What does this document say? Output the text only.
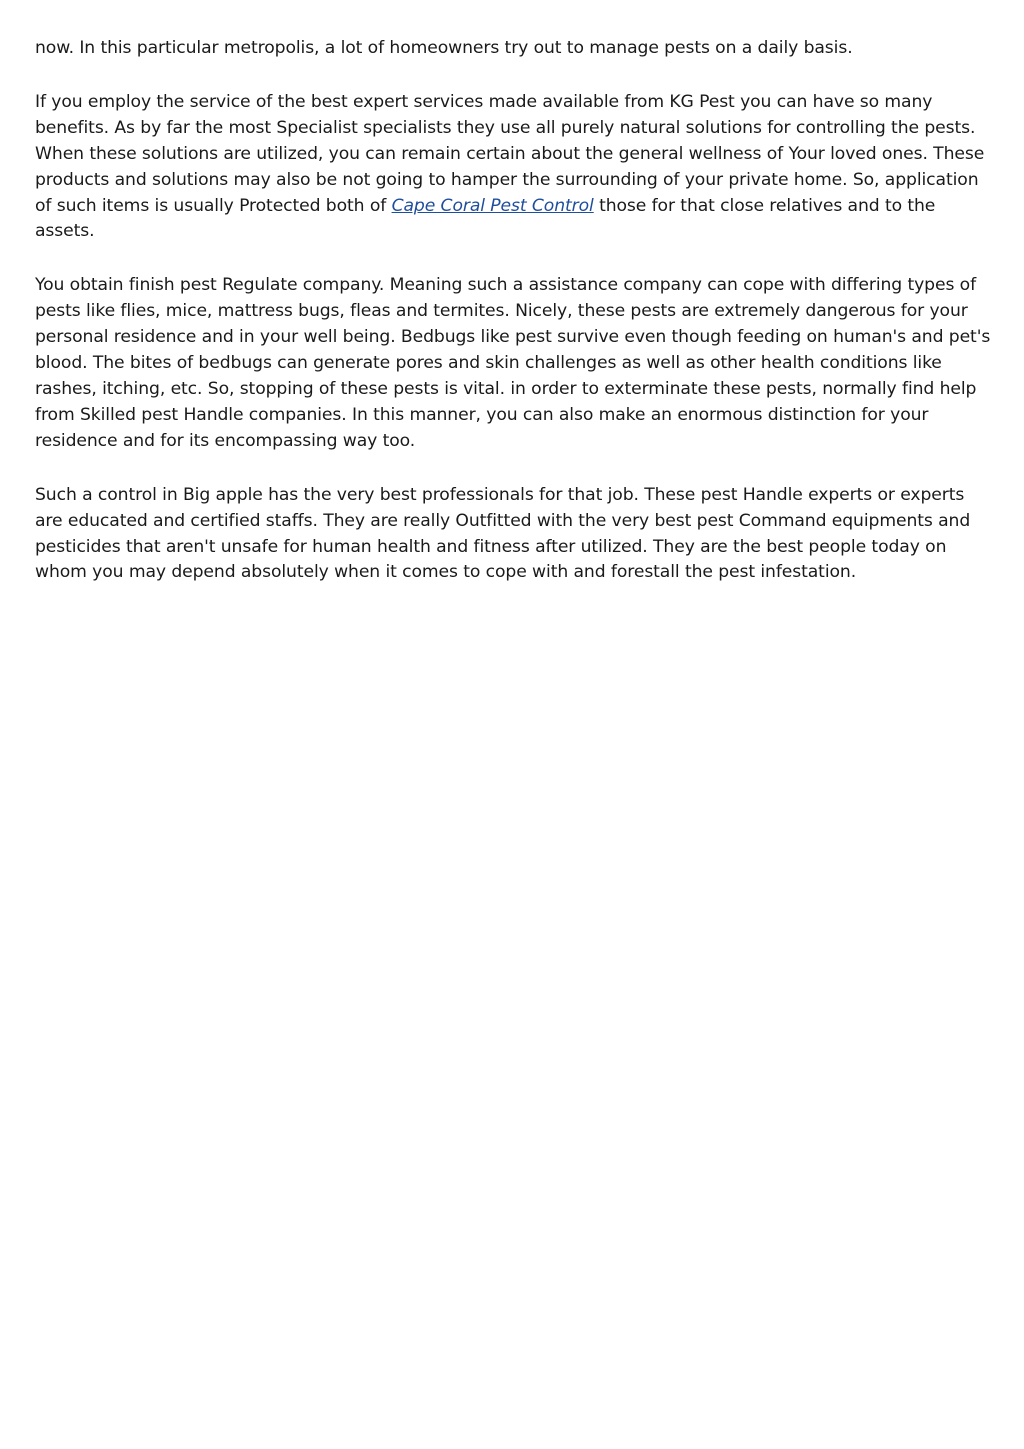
now. In this particular metropolis, a lot of homeowners try out to manage pests on a daily basis.

If you employ the service of the best expert services made available from KG Pest you can have so many benefits. As by far the most Specialist specialists they use all purely natural solutions for controlling the pests. When these solutions are utilized, you can remain certain about the general wellness of Your loved ones. These products and solutions may also be not going to hamper the surrounding of your private home. So, application of such items is usually Protected both of Cape Coral Pest Control those for that close relatives and to the assets.

You obtain finish pest Regulate company. Meaning such a assistance company can cope with differing types of pests like flies, mice, mattress bugs, fleas and termites. Nicely, these pests are extremely dangerous for your personal residence and in your well being. Bedbugs like pest survive even though feeding on human's and pet's blood. The bites of bedbugs can generate pores and skin challenges as well as other health conditions like rashes, itching, etc. So, stopping of these pests is vital. in order to exterminate these pests, normally find help from Skilled pest Handle companies. In this manner, you can also make an enormous distinction for your residence and for its encompassing way too.

Such a control in Big apple has the very best professionals for that job. These pest Handle experts or experts are educated and certified staffs. They are really Outfitted with the very best pest Command equipments and pesticides that aren't unsafe for human health and fitness after utilized. They are the best people today on whom you may depend absolutely when it comes to cope with and forestall the pest infestation.
